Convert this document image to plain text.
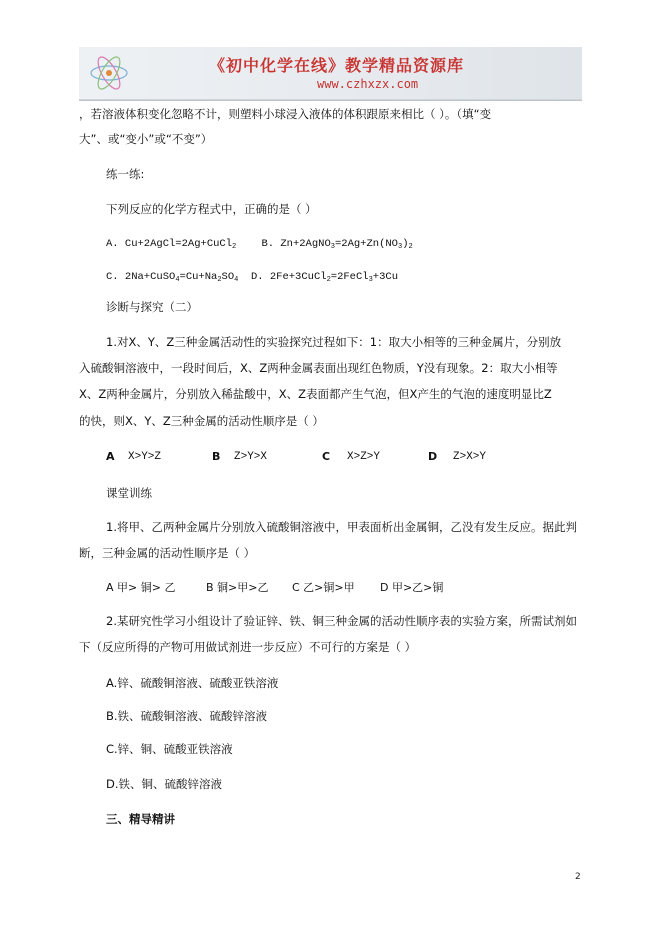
《初中化学在线》教学精品资源库
www.czhxzx.com
，若溶液体积变化忽略不计，则塑料小球浸入液体的体积跟原来相比（ ）。（填“变
大”、或“变小”或“不变”）
练一练:
下列反应的化学方程式中，正确的是（ ）
A. Cu+2AgCl=2Ag+CuCl$_2$ B. $Zn+2AgNO_3=2Ag+Zn(NO_3)_2$
C. $2Na+CuSO_4=Cu+Na_2SO_4$ D. 2Fe+3CuCl$_2$=2FeCl$_3$+3Cu
诊断与探究（二）
1.对X、Y、Z三种金属活动性的实验探究过程如下：1：取大小相等的三种金属片，分别放
入硫酸铜溶液中，一段时间后，X、Z两种金属表面出现红色物质，Y没有现象。2：取大小相等
X、Z两种金属片，分别放入稀盐酸中，X、Z表面都产生气泡，但X产生的气泡的速度明显比Z
的快，则X、Y、Z三种金属的活动性顺序是（ ）
A X>Y>Z	B Z>Y>X	C X>Z>Y	D Z>X>Y
课堂训练
1.将甲、乙两种金属片分别放入硫酸铜溶液中，甲表面析出金属铜，乙没有发生反应。据此判
断，三种金属的活动性顺序是（ ）
A 甲> 铜> 乙	B 铜>甲>乙 C 乙>铜>甲 D 甲>乙>铜
2.某研究性学习小组设计了验证锌、铁、铜三种金属的活动性顺序表的实验方案，所需试剂如
下（反应所得的产物可用做试剂进一步反应）不可行的方案是（ ）
A.锌、硫酸铜溶液、硫酸亚铁溶液
B.铁、硫酸铜溶液、硫酸锌溶液
C.锌、铜、硫酸亚铁溶液
D.铁、铜、硫酸锌溶液
三、精导精讲
2
